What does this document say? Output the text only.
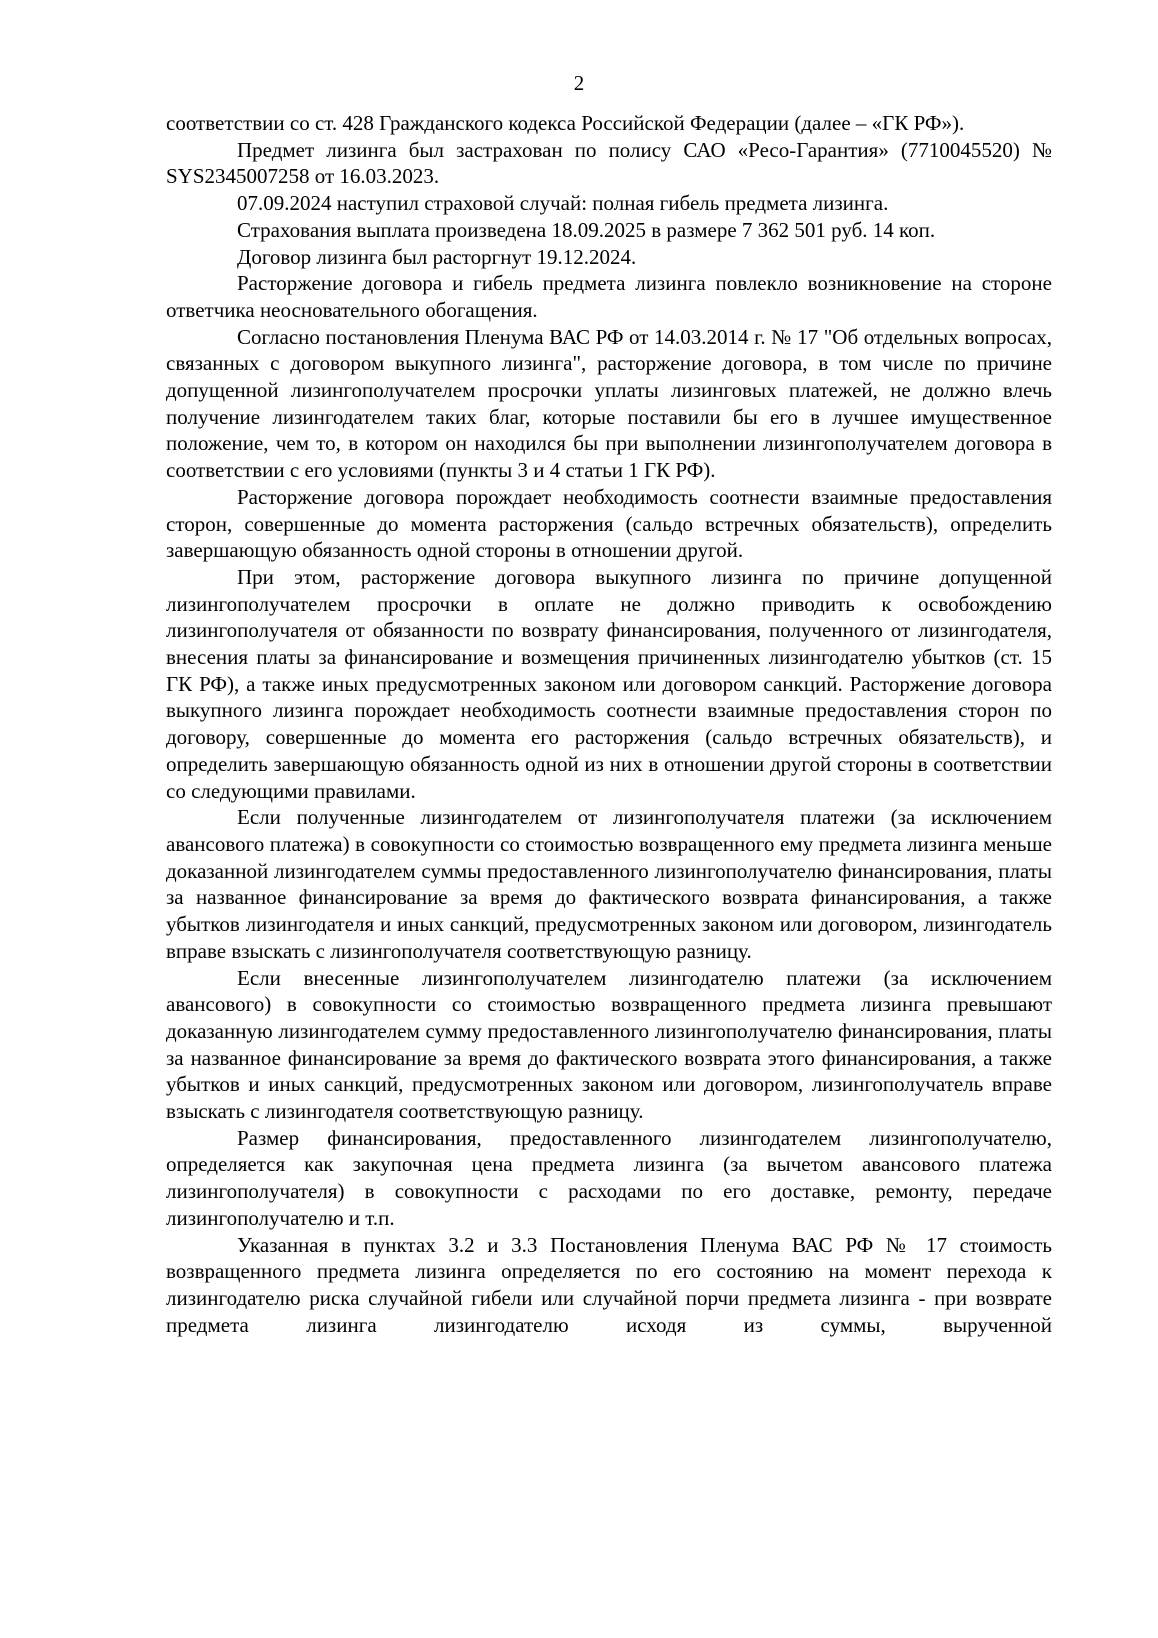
2

соответствии со ст. 428 Гражданского кодекса Российской Федерации (далее – «ГК РФ»).

Предмет лизинга был застрахован по полису САО «Ресо-Гарантия» (7710045520) № SYS2345007258 от 16.03.2023.

07.09.2024 наступил страховой случай: полная гибель предмета лизинга.

Страхования выплата произведена 18.09.2025 в размере 7 362 501 руб. 14 коп.

Договор лизинга был расторгнут 19.12.2024.

Расторжение договора и гибель предмета лизинга повлекло возникновение на стороне ответчика неосновательного обогащения.

Согласно постановления Пленума ВАС РФ от 14.03.2014 г. № 17 "Об отдельных вопросах, связанных с договором выкупного лизинга", расторжение договора, в том числе по причине допущенной лизингополучателем просрочки уплаты лизинговых платежей, не должно влечь получение лизингодателем таких благ, которые поставили бы его в лучшее имущественное положение, чем то, в котором он находился бы при выполнении лизингополучателем договора в соответствии с его условиями (пункты 3 и 4 статьи 1 ГК РФ).

Расторжение договора порождает необходимость соотнести взаимные предоставления сторон, совершенные до момента расторжения (сальдо встречных обязательств), определить завершающую обязанность одной стороны в отношении другой.

При этом, расторжение договора выкупного лизинга по причине допущенной лизингополучателем просрочки в оплате не должно приводить к освобождению лизингополучателя от обязанности по возврату финансирования, полученного от лизингодателя, внесения платы за финансирование и возмещения причиненных лизингодателю убытков (ст. 15 ГК РФ), а также иных предусмотренных законом или договором санкций. Расторжение договора выкупного лизинга порождает необходимость соотнести взаимные предоставления сторон по договору, совершенные до момента его расторжения (сальдо встречных обязательств), и определить завершающую обязанность одной из них в отношении другой стороны в соответствии со следующими правилами.

Если полученные лизингодателем от лизингополучателя платежи (за исключением авансового платежа) в совокупности со стоимостью возвращенного ему предмета лизинга меньше доказанной лизингодателем суммы предоставленного лизингополучателю финансирования, платы за названное финансирование за время до фактического возврата финансирования, а также убытков лизингодателя и иных санкций, предусмотренных законом или договором, лизингодатель вправе взыскать с лизингополучателя соответствующую разницу.

Если внесенные лизингополучателем лизингодателю платежи (за исключением авансового) в совокупности со стоимостью возвращенного предмета лизинга превышают доказанную лизингодателем сумму предоставленного лизингополучателю финансирования, платы за названное финансирование за время до фактического возврата этого финансирования, а также убытков и иных санкций, предусмотренных законом или договором, лизингополучатель вправе взыскать с лизингодателя соответствующую разницу.

Размер финансирования, предоставленного лизингодателем лизингополучателю, определяется как закупочная цена предмета лизинга (за вычетом авансового платежа лизингополучателя) в совокупности с расходами по его доставке, ремонту, передаче лизингополучателю и т.п.

Указанная в пунктах 3.2 и 3.3 Постановления Пленума ВАС РФ № 17 стоимость возвращенного предмета лизинга определяется по его состоянию на момент перехода к лизингодателю риска случайной гибели или случайной порчи предмета лизинга - при возврате предмета лизинга лизингодателю исходя из суммы, вырученной
